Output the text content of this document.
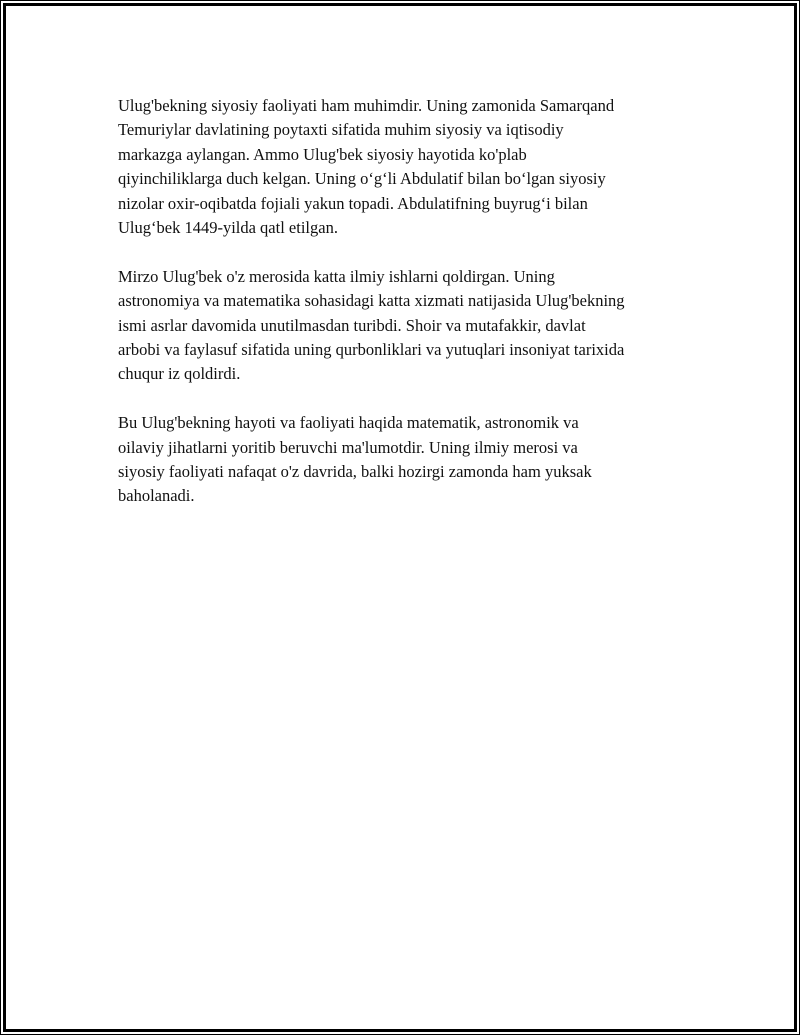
Ulug'bekning siyosiy faoliyati ham muhimdir. Uning zamonida Samarqand
Temuriylar davlatining poytaxti sifatida muhim siyosiy va iqtisodiy
markazga aylangan. Ammo Ulug'bek siyosiy hayotida ko'plab
qiyinchiliklarga duch kelgan. Uning o‘g‘li Abdulatif bilan bo‘lgan siyosiy
nizolar oxir-oqibatda fojiali yakun topadi. Abdulatifning buyrug‘i bilan
Ulug‘bek 1449-yilda qatl etilgan.

Mirzo Ulug'bek o'z merosida katta ilmiy ishlarni qoldirgan. Uning
astronomiya va matematika sohasidagi katta xizmati natijasida Ulug'bekning
ismi asrlar davomida unutilmasdan turibdi. Shoir va mutafakkir, davlat
arbobi va faylasuf sifatida uning qurbonliklari va yutuqlari insoniyat tarixida
chuqur iz qoldirdi.

Bu Ulug'bekning hayoti va faoliyati haqida matematik, astronomik va
oilaviy jihatlarni yoritib beruvchi ma'lumotdir. Uning ilmiy merosi va
siyosiy faoliyati nafaqat o'z davrida, balki hozirgi zamonda ham yuksak
baholanadi.
